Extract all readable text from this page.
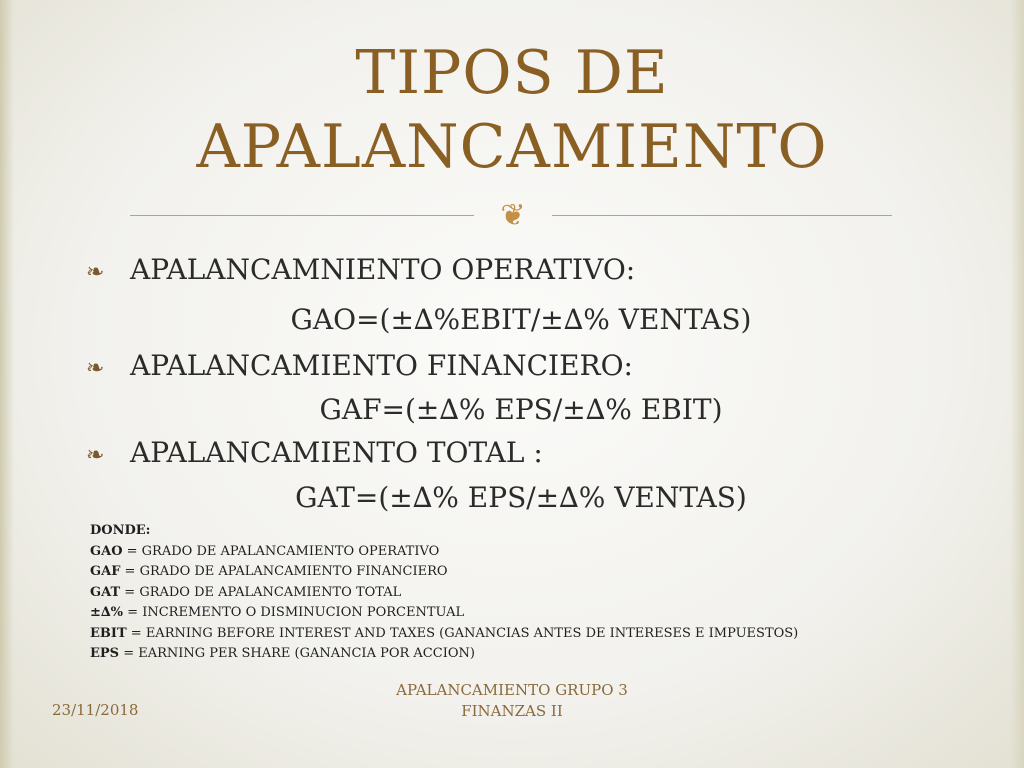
TIPOS DE
APALANCAMIENTO
❦
❧ APALANCAMNIENTO OPERATIVO:
GAO=(±∆%EBIT/±∆% VENTAS)
❧ APALANCAMIENTO FINANCIERO:
GAF=(±∆% EPS/±∆% EBIT)
❧ APALANCAMIENTO TOTAL :
GAT=(±∆% EPS/±∆% VENTAS)
DONDE:
GAO = GRADO DE APALANCAMIENTO OPERATIVO
GAF = GRADO DE APALANCAMIENTO FINANCIERO
GAT = GRADO DE APALANCAMIENTO TOTAL
±∆% = INCREMENTO O DISMINUCION PORCENTUAL
EBIT = EARNING BEFORE INTEREST AND TAXES (GANANCIAS ANTES DE INTERESES E IMPUESTOS)
EPS = EARNING PER SHARE (GANANCIA POR ACCION)
23/11/2018
APALANCAMIENTO GRUPO 3
FINANZAS II
